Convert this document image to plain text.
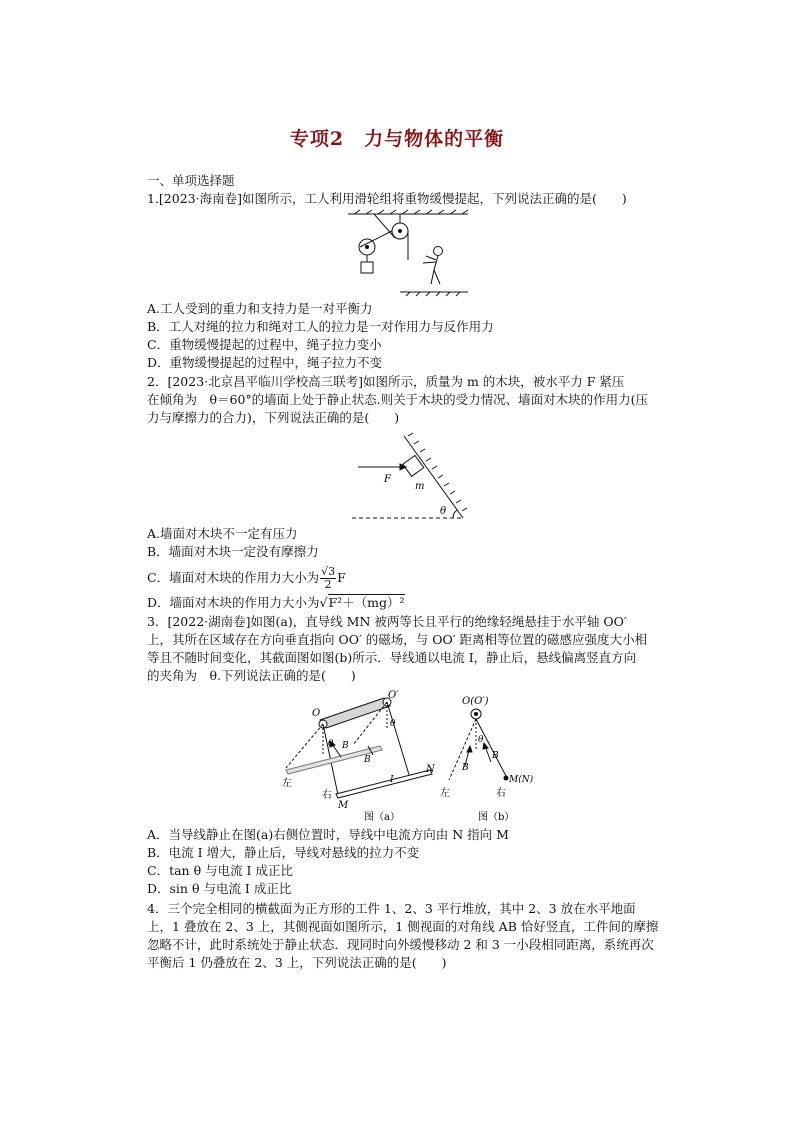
专项2　力与物体的平衡
一、单项选择题
1.[2023·海南卷]如图所示，工人利用滑轮组将重物缓慢提起，下列说法正确的是(　　)
A.工人受到的重力和支持力是一对平衡力
B．工人对绳的拉力和绳对工人的拉力是一对作用力与反作用力
C．重物缓慢提起的过程中，绳子拉力变小
D．重物缓慢提起的过程中，绳子拉力不变
2．[2023·北京昌平临川学校高三联考]如图所示，质量为 m 的木块，被水平力 F 紧压
在倾角为　θ＝60°的墙面上处于静止状态.则关于木块的受力情况、墙面对木块的作用力(压
力与摩擦力的合力)，下列说法正确的是(　　)
F
m
θ
A.墙面对木块不一定有压力
B．墙面对木块一定没有摩擦力
C．墙面对木块的作用力大小为 $\frac{√3}{2}$ F
D．墙面对木块的作用力大小为√F²＋（mg）²
3．[2022·湖南卷]如图(a)，直导线 MN 被两等长且平行的绝缘轻绳悬挂于水平轴 OO′
上，其所在区域存在方向垂直指向 OO′ 的磁场，与 OO′ 距离相等位置的磁感应强度大小相
等且不随时间变化，其截面图如图(b)所示．导线通以电流 I，静止后，悬线偏离竖直方向
的夹角为　θ.下列说法正确的是(　　)
O
O′
θ
θ
B
B
I
M
N
左
右
图（a）
O(O′)
θ
B
B
M(N)
左	右
图（b）
A．当导线静止在图(a)右侧位置时，导线中电流方向由 N 指向 M
B．电流 I 增大，静止后，导线对悬线的拉力不变
C．tan θ 与电流 I 成正比
D．sin θ 与电流 I 成正比
4．三个完全相同的横截面为正方形的工件 1、2、3 平行堆放，其中 2、3 放在水平地面
上，1 叠放在 2、3 上，其侧视面如图所示，1 侧视面的对角线 AB 恰好竖直，工件间的摩擦
忽略不计，此时系统处于静止状态．现同时向外缓慢移动 2 和 3 一小段相同距离，系统再次
平衡后 1 仍叠放在 2、3 上，下列说法正确的是(　　)
